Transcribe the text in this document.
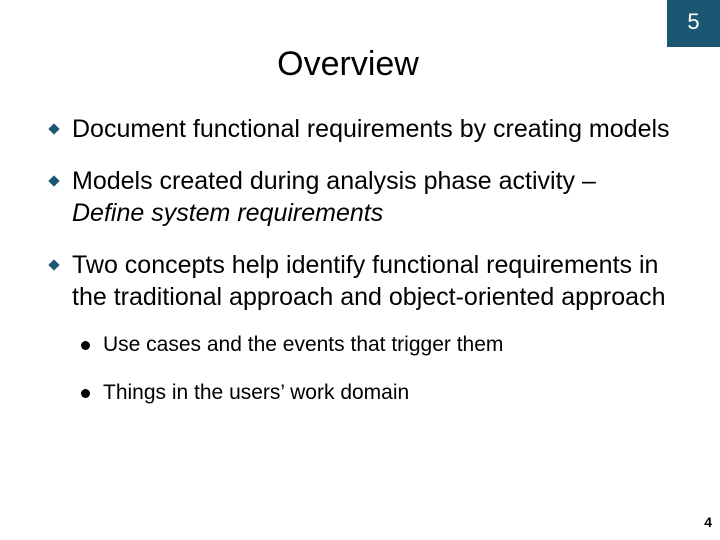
5
Overview
Document functional requirements by creating models
Models created during analysis phase activity –
Define system requirements
Two concepts help identify functional requirements in
the traditional approach and object-oriented approach
Use cases and the events that trigger them
Things in the users’ work domain
4
